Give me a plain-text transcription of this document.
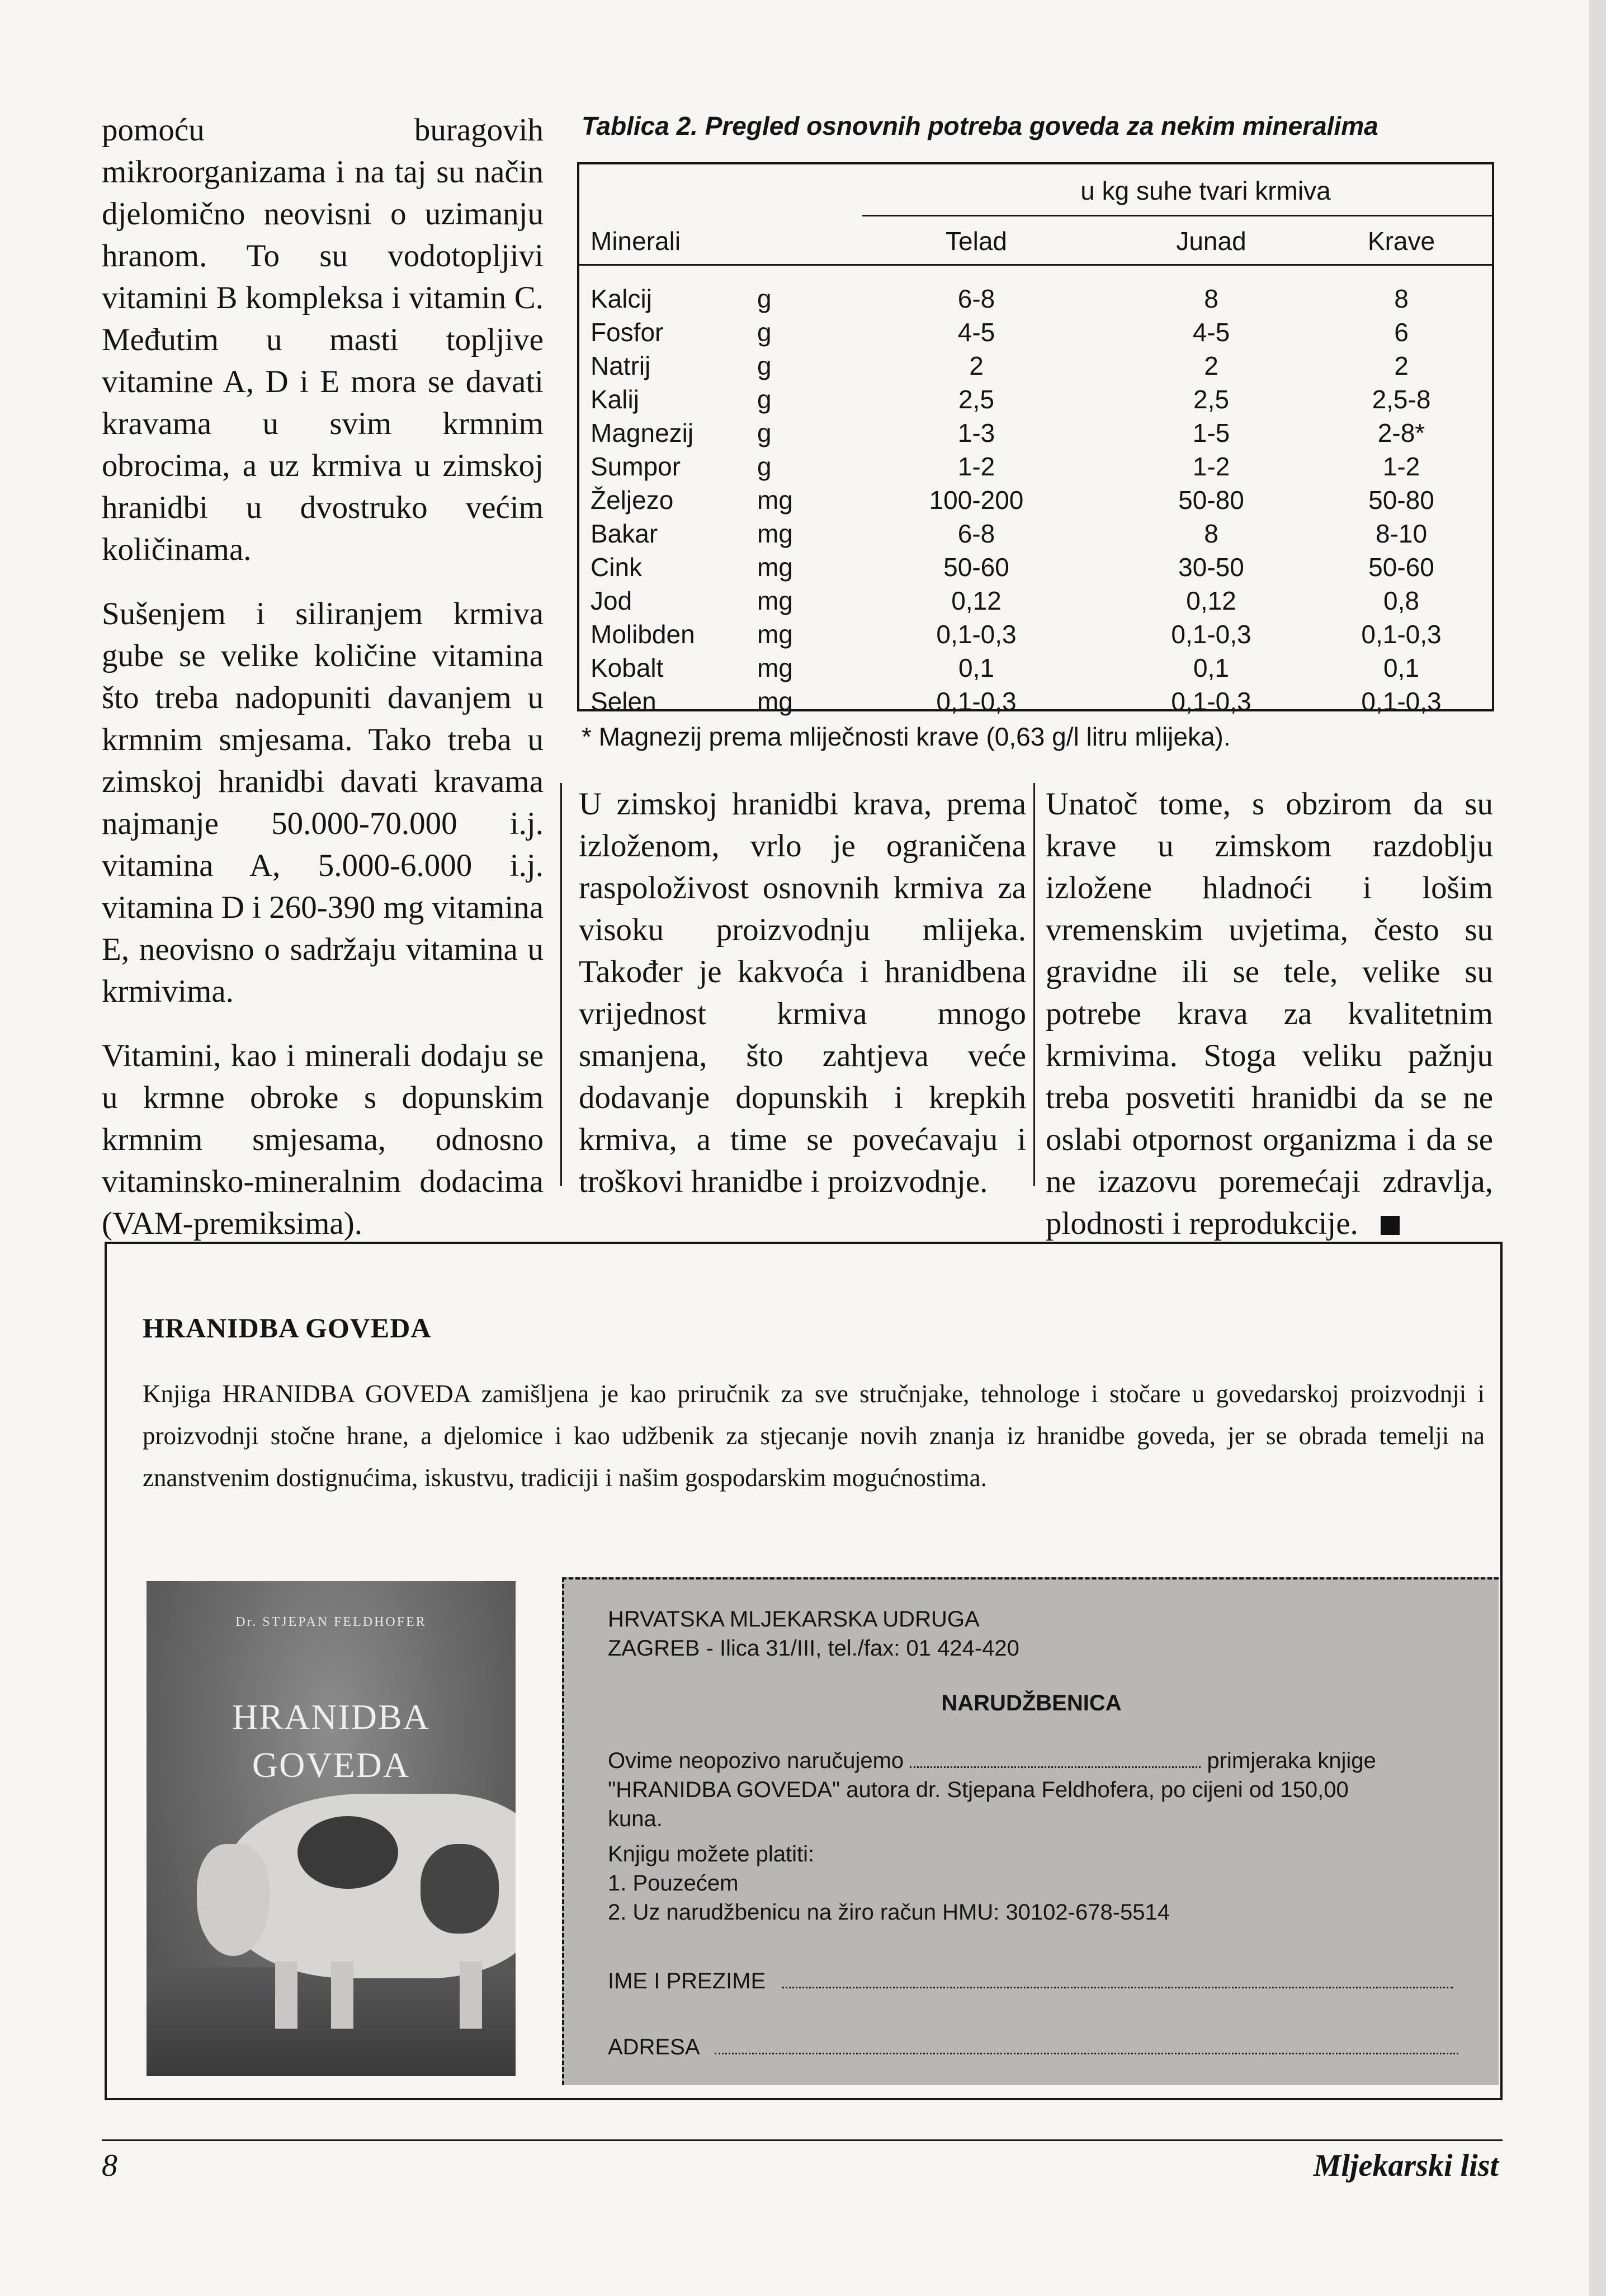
pomoću buragovih mikroorganizama i na taj su način djelomično neovisni o uzimanju hranom. To su vodotopljivi vitamini B kompleksa i vitamin C. Međutim u masti topljive vitamine A, D i E mora se davati kravama u svim krmnim obrocima, a uz krmiva u zimskoj hranidbi u dvostruko većim količinama.

Sušenjem i siliranjem krmiva gube se velike količine vitamina što treba nadopuniti davanjem u krmnim smjesama. Tako treba u zimskoj hranidbi davati kravama najmanje 50.000-70.000 i.j. vitamina A, 5.000-6.000 i.j. vitamina D i 260-390 mg vitamina E, neovisno o sadržaju vitamina u krmivima.

Vitamini, kao i minerali dodaju se u krmne obroke s dopunskim krmnim smjesama, odnosno vitaminsko-mineralnim dodacima (VAM-premiksima).

Tablica 2. Pregled osnovnih potreba goveda za nekim mineralima
u kg suhe tvari krmiva
Minerali	Telad	Junad	Krave
Kalcij	g	6-8	8	8
Fosfor	g	4-5	4-5	6
Natrij	g	2	2	2
Kalij	g	2,5	2,5	2,5-8
Magnezij g	1-3	1-5	2-8*
Sumpor	g	1-2	1-2	1-2
Željezo	mg	100-200	50-80	50-80
Bakar	mg	6-8	8	8-10
Cink	mg	50-60	30-50	50-60
Jod	mg	0,12	0,12	0,8
Molibden mg	0,1-0,3	0,1-0,3	0,1-0,3
Kobalt	mg	0,1	0,1	0,1
Selen	mg	0,1-0,3	0,1-0,3	0,1-0,3
* Magnezij prema mliječnosti krave (0,63 g/l litru mlijeka).
U zimskoj hranidbi krava, prema izloženom, vrlo je ograničena raspoloživost osnovnih krmiva za visoku proizvodnju mlijeka. Također je kakvoća i hranidbena vrijednost krmiva mnogo smanjena, što zahtjeva veće dodavanje dopunskih i krepkih krmiva, a time se povećavaju i troškovi hranidbe i proizvodnje.
Unatoč tome, s obzirom da su krave u zimskom razdoblju izložene hladnoći i lošim vremenskim uvjetima, često su gravidne ili se tele, velike su potrebe krava za kvalitetnim krmivima. Stoga veliku pažnju treba posvetiti hranidbi da se ne oslabi otpornost organizma i da se ne izazovu poremećaji zdravlja, plodnosti i reprodukcije.
HRANIDBA GOVEDA
Knjiga HRANIDBA GOVEDA zamišljena je kao priručnik za sve stručnjake, tehnologe i stočare u govedarskoj proizvodnji i proizvodnji stočne hrane, a djelomice i kao udžbenik za stjecanje novih znanja iz hranidbe goveda, jer se obrada temelji na znanstvenim dostignućima, iskustvu, tradiciji i našim gospodarskim mogućnostima.
Dr. STJEPAN FELDHOFER
HRANIDBA
GOVEDA
HRVATSKA MLJEKARSKA UDRUGA
ZAGREB - Ilica 31/III, tel./fax: 01 424-420
NARUDŽBENICA
Ovime neopozivo naručujemo	primjeraka knjige
"HRANIDBA GOVEDA" autora dr. Stjepana Feldhofera, po cijeni od 150,00
kuna.
Knjigu možete platiti:
1. Pouzećem
2. Uz narudžbenicu na žiro račun HMU: 30102-678-5514
IME I PREZIME
ADRESA
8	Mljekarski list
